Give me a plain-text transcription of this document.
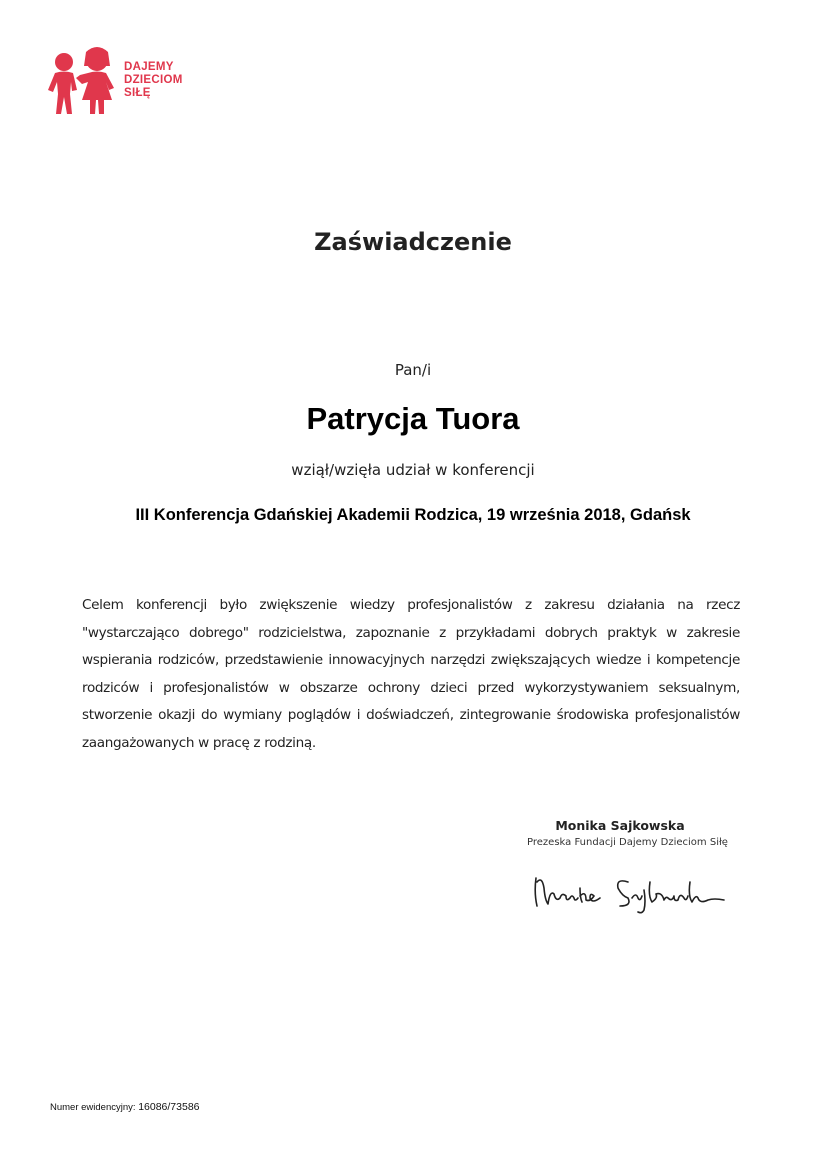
DAJEMY
DZIECIOM
SIŁĘ
Zaświadczenie
Pan/i
Patrycja Tuora
wziął/wzięła udział w konferencji
III Konferencja Gdańskiej Akademii Rodzica, 19 września 2018, Gdańsk
Celem konferencji było zwiększenie wiedzy profesjonalistów z zakresu działania na rzecz "wystarczająco dobrego" rodzicielstwa, zapoznanie z przykładami dobrych praktyk w zakresie wspierania rodziców, przedstawienie innowacyjnych narzędzi zwiększających wiedze i kompetencje rodziców i profesjonalistów w obszarze ochrony dzieci przed wykorzystywaniem seksualnym, stworzenie okazji do wymiany poglądów i doświadczeń, zintegrowanie środowiska profesjonalistów zaangażowanych w pracę z rodziną.
Monika Sajkowska
Prezeska Fundacji Dajemy Dzieciom Siłę
Numer ewidencyjny: 16086/73586
